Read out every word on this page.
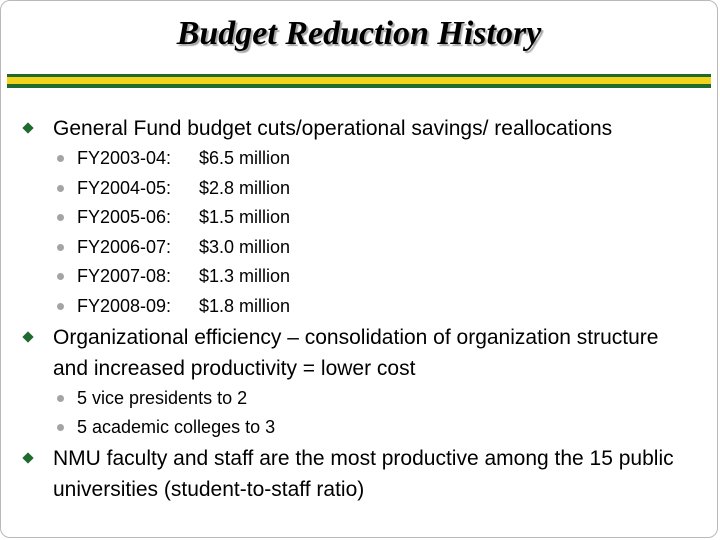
Budget Reduction History
General Fund budget cuts/operational savings/ reallocations
FY2003-04: $6.5 million
FY2004-05: $2.8 million
FY2005-06: $1.5 million
FY2006-07: $3.0 million
FY2007-08: $1.3 million
FY2008-09: $1.8 million
Organizational efficiency – consolidation of organization structure and increased productivity = lower cost
5 vice presidents to 2
5 academic colleges to 3
NMU faculty and staff are the most productive among the 15 public universities (student-to-staff ratio)
